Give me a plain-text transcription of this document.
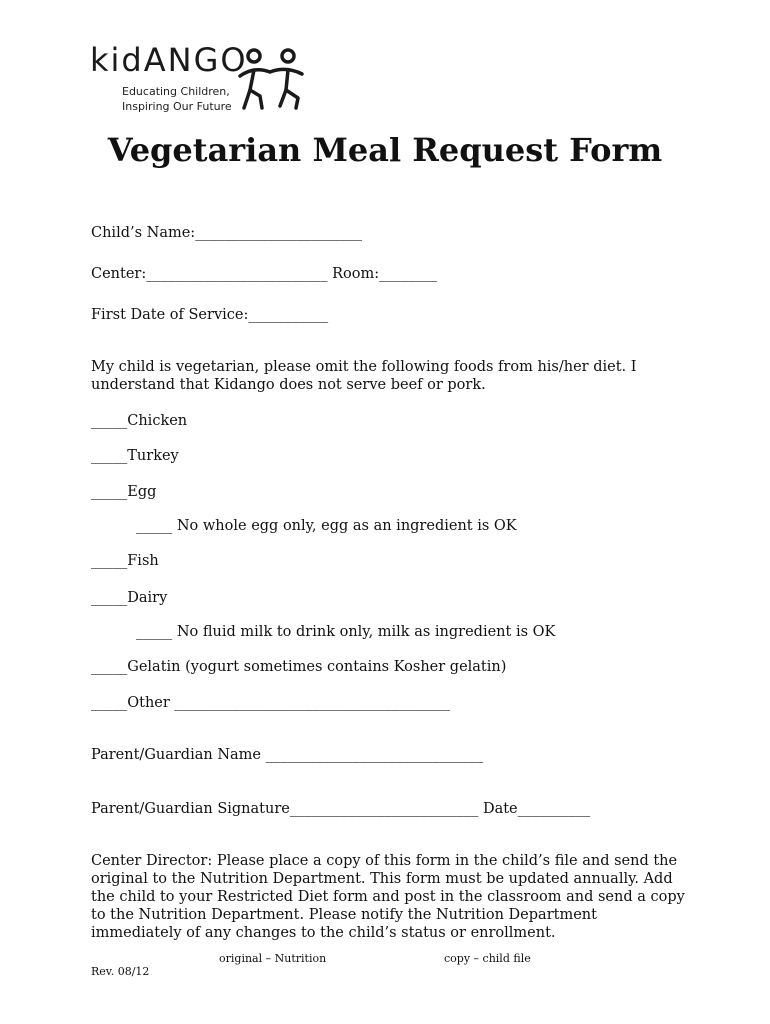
kidANGO
Educating Children,
Inspiring Our Future
Vegetarian Meal Request Form
Child’s Name:_______________________
Center:_________________________ Room:________
First Date of Service:___________
My child is vegetarian, please omit the following foods from his/her diet. I understand that Kidango does not serve beef or pork.
_____Chicken
_____Turkey
_____Egg
_____ No whole egg only, egg as an ingredient is OK
_____Fish
_____Dairy
_____ No fluid milk to drink only, milk as ingredient is OK
_____Gelatin (yogurt sometimes contains Kosher gelatin)
_____Other ______________________________________
Parent/Guardian Name ______________________________
Parent/Guardian Signature__________________________ Date__________
Center Director: Please place a copy of this form in the child’s file and send the original to the Nutrition Department. This form must be updated annually. Add the child to your Restricted Diet form and post in the classroom and send a copy to the Nutrition Department. Please notify the Nutrition Department immediately of any changes to the child’s status or enrollment.
original – Nutrition	copy – child file
Rev. 08/12
